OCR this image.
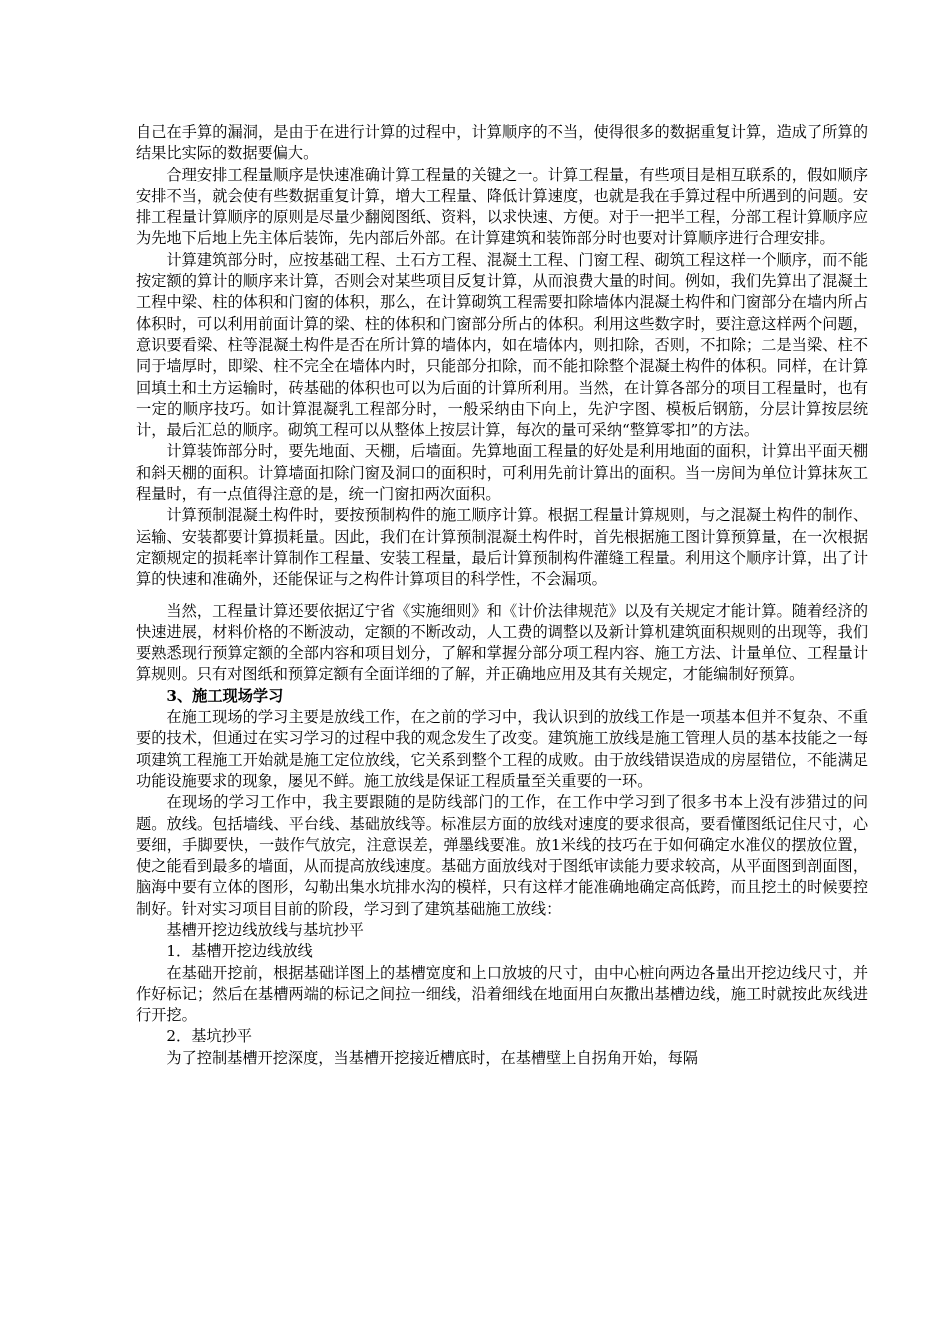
自己在手算的漏洞，是由于在进行计算的过程中，计算顺序的不当，使得很多的数据重复计算，造成了所算的结果比实际的数据要偏大。

合理安排工程量顺序是快速准确计算工程量的关键之一。计算工程量，有些项目是相互联系的，假如顺序安排不当，就会使有些数据重复计算，增大工程量、降低计算速度，也就是我在手算过程中所遇到的问题。安排工程量计算顺序的原则是尽量少翻阅图纸、资料，以求快速、方便。对于一把半工程，分部工程计算顺序应为先地下后地上先主体后装饰，先内部后外部。在计算建筑和装饰部分时也要对计算顺序进行合理安排。

计算建筑部分时，应按基础工程、土石方工程、混凝土工程、门窗工程、砌筑工程这样一个顺序，而不能按定额的算计的顺序来计算，否则会对某些项目反复计算，从而浪费大量的时间。例如，我们先算出了混凝土工程中梁、柱的体积和门窗的体积，那么，在计算砌筑工程需要扣除墙体内混凝土构件和门窗部分在墙内所占体积时，可以利用前面计算的梁、柱的体积和门窗部分所占的体积。利用这些数字时，要注意这样两个问题，意识要看梁、柱等混凝土构件是否在所计算的墙体内，如在墙体内，则扣除，否则，不扣除；二是当梁、柱不同于墙厚时，即梁、柱不完全在墙体内时，只能部分扣除，而不能扣除整个混凝土构件的体积。同样，在计算回填土和土方运输时，砖基础的体积也可以为后面的计算所利用。当然，在计算各部分的项目工程量时，也有一定的顺序技巧。如计算混凝乳工程部分时，一般采纳由下向上，先沪字图、模板后钢筋，分层计算按层统计，最后汇总的顺序。砌筑工程可以从整体上按层计算，每次的量可采纳“整算零扣”的方法。

计算装饰部分时，要先地面、天棚，后墙面。先算地面工程量的好处是利用地面的面积，计算出平面天棚和斜天棚的面积。计算墙面扣除门窗及洞口的面积时，可利用先前计算出的面积。当一房间为单位计算抹灰工程量时，有一点值得注意的是，统一门窗扣两次面积。

计算预制混凝土构件时，要按预制构件的施工顺序计算。根据工程量计算规则，与之混凝土构件的制作、运输、安装都要计算损耗量。因此，我们在计算预制混凝土构件时，首先根据施工图计算预算量，在一次根据定额规定的损耗率计算制作工程量、安装工程量，最后计算预制构件灌缝工程量。利用这个顺序计算，出了计算的快速和准确外，还能保证与之构件计算项目的科学性，不会漏项。

当然，工程量计算还要依据辽宁省《实施细则》和《计价法律规范》以及有关规定才能计算。随着经济的快速进展，材料价格的不断波动，定额的不断改动，人工费的调整以及新计算机建筑面积规则的出现等，我们要熟悉现行预算定额的全部内容和项目划分，了解和掌握分部分项工程内容、施工方法、计量单位、工程量计算规则。只有对图纸和预算定额有全面详细的了解，并正确地应用及其有关规定，才能编制好预算。

3、施工现场学习

在施工现场的学习主要是放线工作，在之前的学习中，我认识到的放线工作是一项基本但并不复杂、不重要的技术，但通过在实习学习的过程中我的观念发生了改变。建筑施工放线是施工管理人员的基本技能之一每项建筑工程施工开始就是施工定位放线，它关系到整个工程的成败。由于放线错误造成的房屋错位，不能满足功能设施要求的现象，屡见不鲜。施工放线是保证工程质量至关重要的一环。

在现场的学习工作中，我主要跟随的是防线部门的工作，在工作中学习到了很多书本上没有涉猎过的问题。放线。包括墙线、平台线、基础放线等。标准层方面的放线对速度的要求很高，要看懂图纸记住尺寸，心要细，手脚要快，一鼓作气放完，注意误差，弹墨线要准。放1米线的技巧在于如何确定水准仪的摆放位置，使之能看到最多的墙面，从而提高放线速度。基础方面放线对于图纸审读能力要求较高，从平面图到剖面图，脑海中要有立体的图形，勾勒出集水坑排水沟的模样，只有这样才能准确地确定高低跨，而且挖土的时候要控制好。针对实习项目目前的阶段，学习到了建筑基础施工放线：

基槽开挖边线放线与基坑抄平

1．基槽开挖边线放线

在基础开挖前，根据基础详图上的基槽宽度和上口放坡的尺寸，由中心桩向两边各量出开挖边线尺寸，并作好标记；然后在基槽两端的标记之间拉一细线，沿着细线在地面用白灰撒出基槽边线，施工时就按此灰线进行开挖。

2．基坑抄平

为了控制基槽开挖深度，当基槽开挖接近槽底时，在基槽壁上自拐角开始，每隔
